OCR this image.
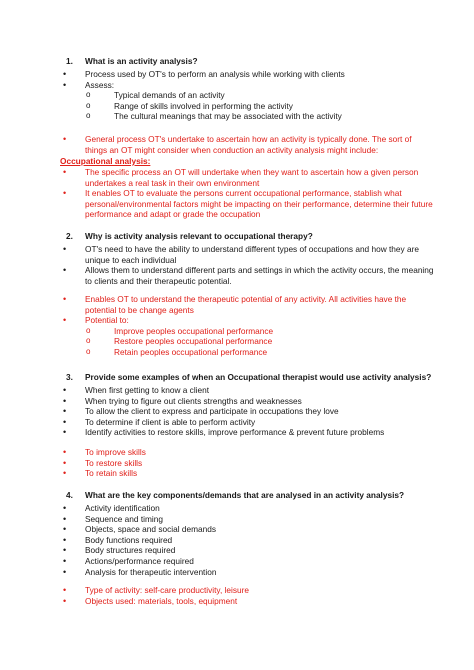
1. What is an activity analysis?
• Process used by OT's to perform an analysis while working with clients
• Assess:
o	Typical demands of an activity
o	Range of skills involved in performing the activity
o	The cultural meanings that may be associated with the activity
• General process OT's undertake to ascertain how an activity is typically done. The sort of things an OT might consider when conduction an activity analysis might include:
Occupational analysis:
• The specific process an OT will undertake when they want to ascertain how a given person undertakes a real task in their own environment
• It enables OT to evaluate the persons current occupational performance, stablish what personal/environmental factors might be impacting on their performance, determine their future performance and adapt or grade the occupation
2. Why is activity analysis relevant to occupational therapy?
• OT's need to have the ability to understand different types of occupations and how they are unique to each individual
• Allows them to understand different parts and settings in which the activity occurs, the meaning to clients and their therapeutic potential.
• Enables OT to understand the therapeutic potential of any activity. All activities have the potential to be change agents
• Potential to:
o	Improve peoples occupational performance
o	Restore peoples occupational performance
o	Retain peoples occupational performance
3. Provide some examples of when an Occupational therapist would use activity analysis?
• When first getting to know a client
• When trying to figure out clients strengths and weaknesses
• To allow the client to express and participate in occupations they love
• To determine if client is able to perform activity
• Identify activities to restore skills, improve performance & prevent future problems
• To improve skills
• To restore skills
• To retain skills
4. What are the key components/demands that are analysed in an activity analysis?
• Activity identification
• Sequence and timing
• Objects, space and social demands
• Body functions required
• Body structures required
• Actions/performance required
• Analysis for therapeutic intervention
• Type of activity: self-care productivity, leisure
• Objects used: materials, tools, equipment
